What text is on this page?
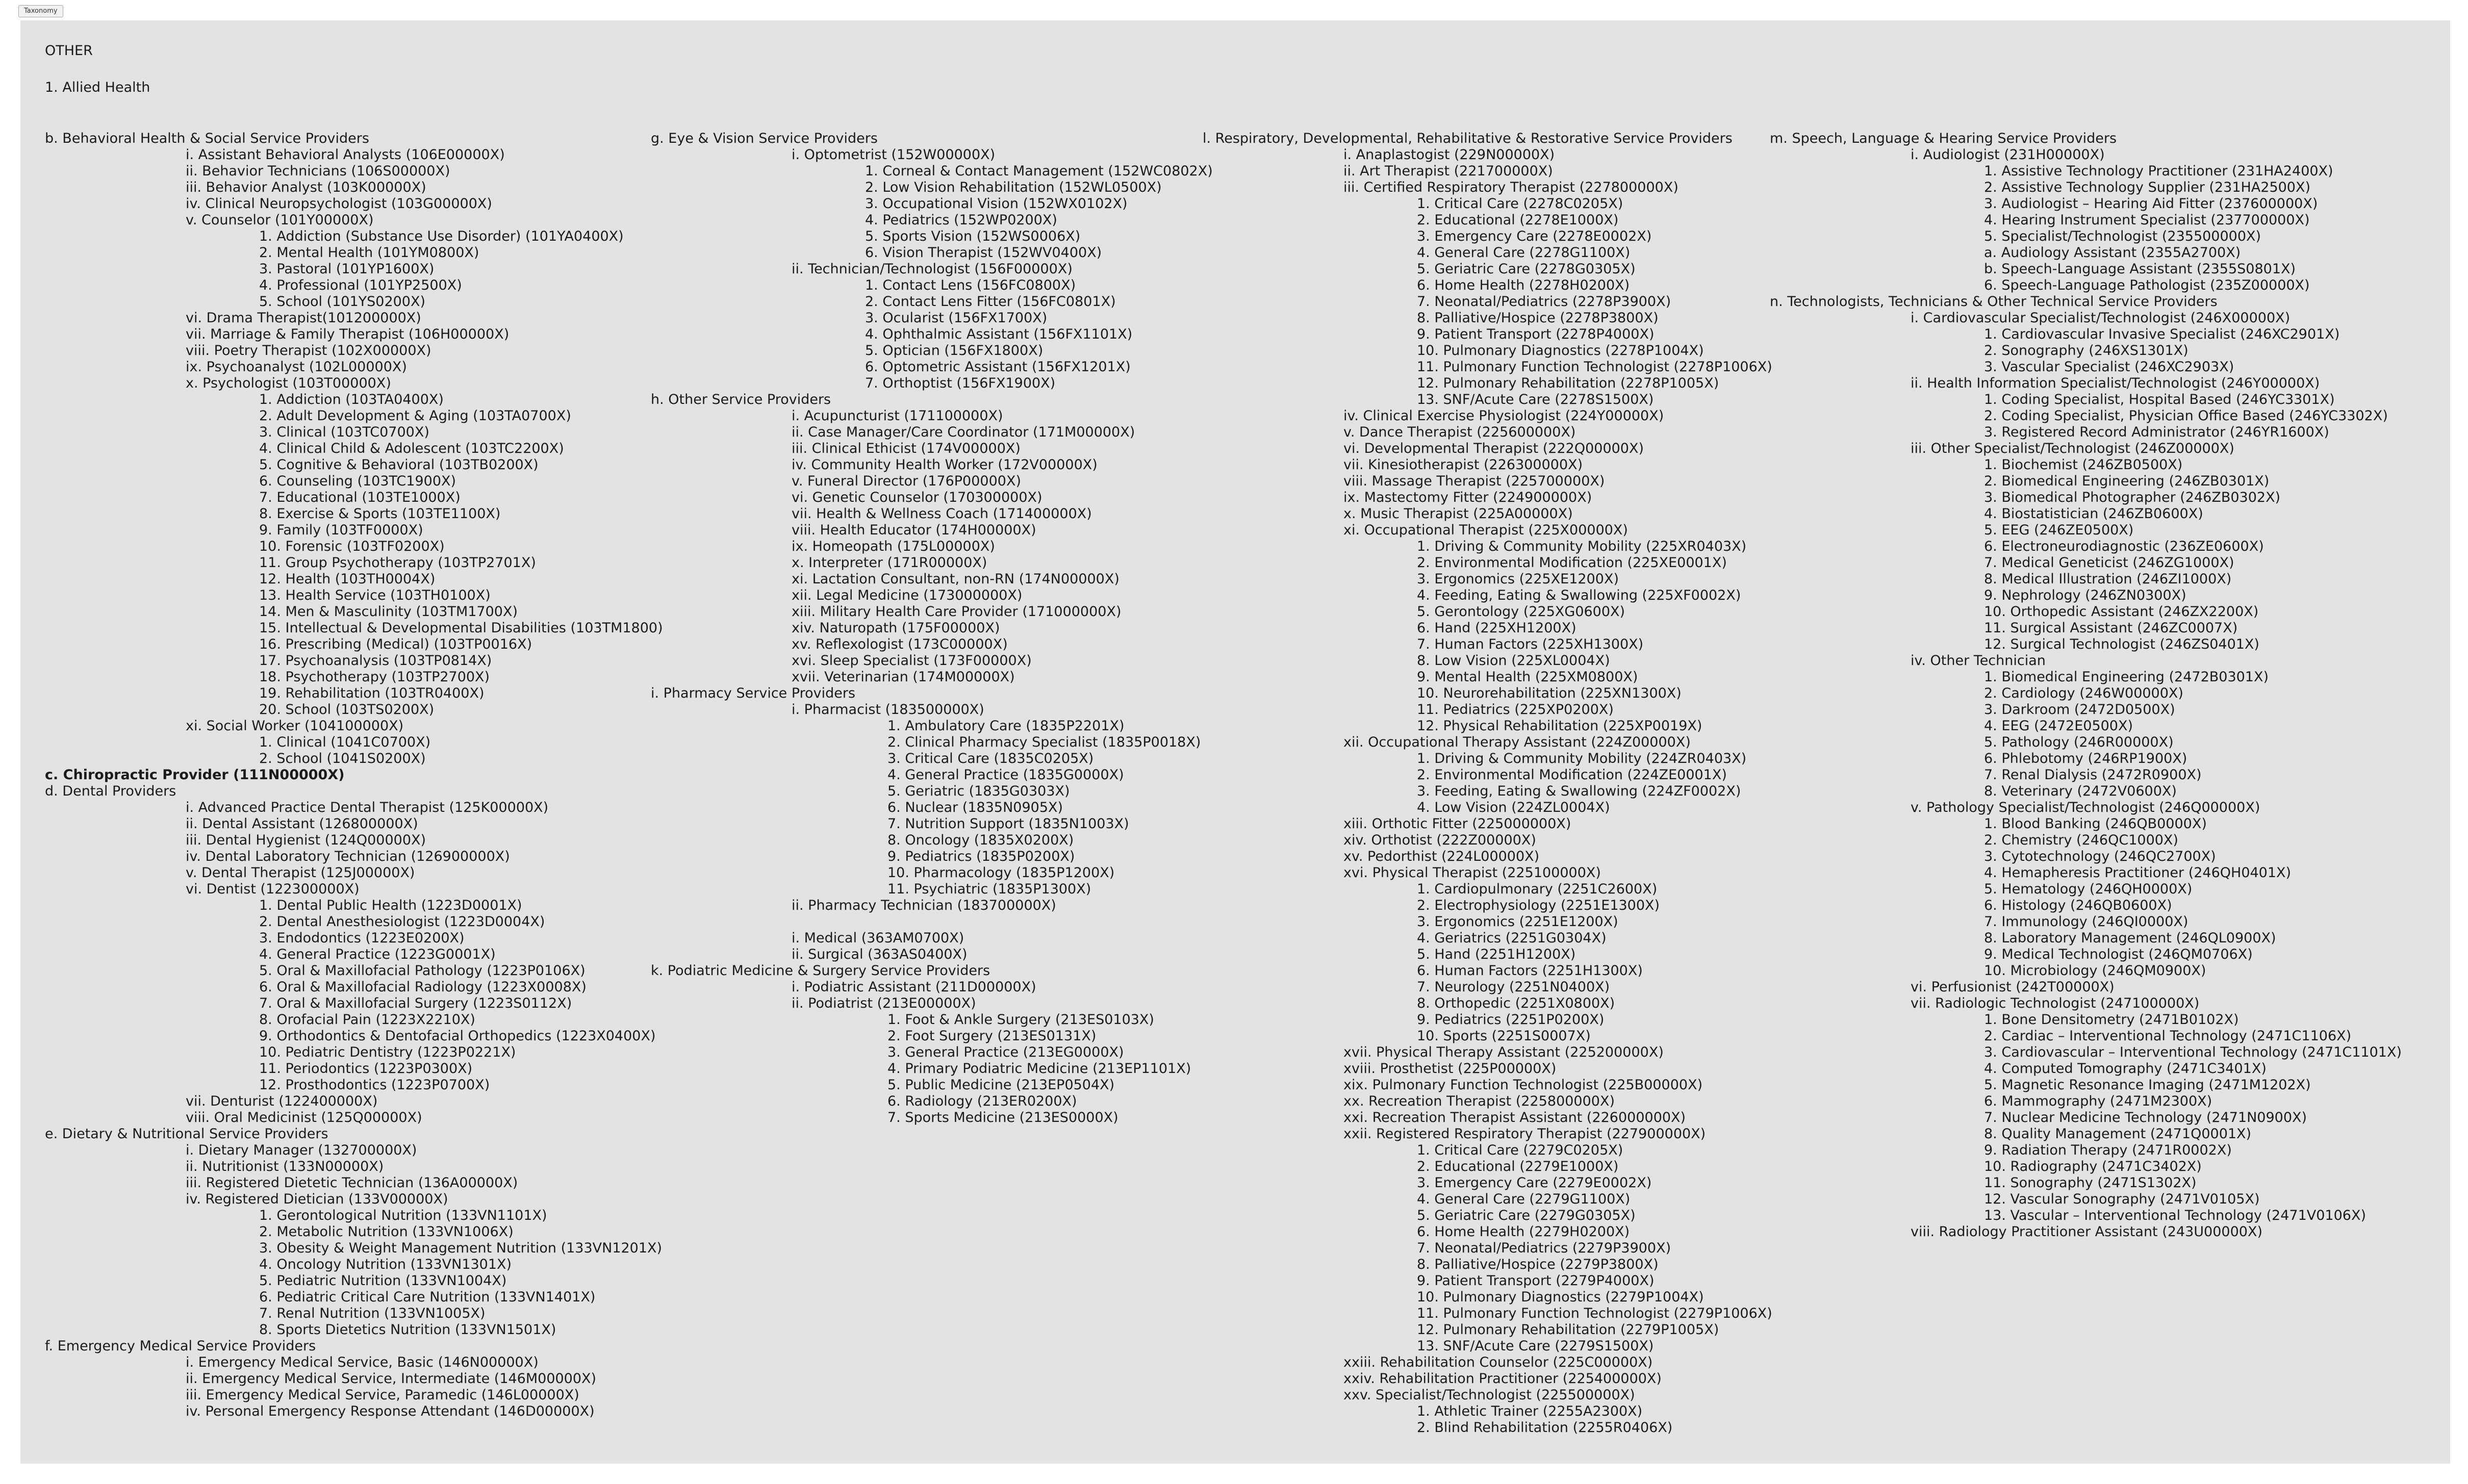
Taxonomy
OTHER
1. Allied Health
b. Behavioral Health & Social Service Providers
i. Assistant Behavioral Analysts (106E00000X)
ii. Behavior Technicians (106S00000X)
iii. Behavior Analyst (103K00000X)
iv. Clinical Neuropsychologist (103G00000X)
v. Counselor (101Y00000X)
1. Addiction (Substance Use Disorder) (101YA0400X)
2. Mental Health (101YM0800X)
3. Pastoral (101YP1600X)
4. Professional (101YP2500X)
5. School (101YS0200X)
vi. Drama Therapist(101200000X)
vii. Marriage & Family Therapist (106H00000X)
viii. Poetry Therapist (102X00000X)
ix. Psychoanalyst (102L00000X)
x. Psychologist (103T00000X)
1. Addiction (103TA0400X)
2. Adult Development & Aging (103TA0700X)
3. Clinical (103TC0700X)
4. Clinical Child & Adolescent (103TC2200X)
5. Cognitive & Behavioral (103TB0200X)
6. Counseling (103TC1900X)
7. Educational (103TE1000X)
8. Exercise & Sports (103TE1100X)
9. Family (103TF0000X)
10. Forensic (103TF0200X)
11. Group Psychotherapy (103TP2701X)
12. Health (103TH0004X)
13. Health Service (103TH0100X)
14. Men & Masculinity (103TM1700X)
15. Intellectual & Developmental Disabilities (103TM1800)
16. Prescribing (Medical) (103TP0016X)
17. Psychoanalysis (103TP0814X)
18. Psychotherapy (103TP2700X)
19. Rehabilitation (103TR0400X)
20. School (103TS0200X)
xi. Social Worker (104100000X)
1. Clinical (1041C0700X)
2. School (1041S0200X)
c. Chiropractic Provider (111N00000X)
d. Dental Providers
i. Advanced Practice Dental Therapist (125K00000X)
ii. Dental Assistant (126800000X)
iii. Dental Hygienist (124Q00000X)
iv. Dental Laboratory Technician (126900000X)
v. Dental Therapist (125J00000X)
vi. Dentist (122300000X)
1. Dental Public Health (1223D0001X)
2. Dental Anesthesiologist (1223D0004X)
3. Endodontics (1223E0200X)
4. General Practice (1223G0001X)
5. Oral & Maxillofacial Pathology (1223P0106X)
6. Oral & Maxillofacial Radiology (1223X0008X)
7. Oral & Maxillofacial Surgery (1223S0112X)
8. Orofacial Pain (1223X2210X)
9. Orthodontics & Dentofacial Orthopedics (1223X0400X)
10. Pediatric Dentistry (1223P0221X)
11. Periodontics (1223P0300X)
12. Prosthodontics (1223P0700X)
vii. Denturist (122400000X)
viii. Oral Medicinist (125Q00000X)
e. Dietary & Nutritional Service Providers
i. Dietary Manager (132700000X)
ii. Nutritionist (133N00000X)
iii. Registered Dietetic Technician (136A00000X)
iv. Registered Dietician (133V00000X)
1. Gerontological Nutrition (133VN1101X)
2. Metabolic Nutrition (133VN1006X)
3. Obesity & Weight Management Nutrition (133VN1201X)
4. Oncology Nutrition (133VN1301X)
5. Pediatric Nutrition (133VN1004X)
6. Pediatric Critical Care Nutrition (133VN1401X)
7. Renal Nutrition (133VN1005X)
8. Sports Dietetics Nutrition (133VN1501X)
f. Emergency Medical Service Providers
i. Emergency Medical Service, Basic (146N00000X)
ii. Emergency Medical Service, Intermediate (146M00000X)
iii. Emergency Medical Service, Paramedic (146L00000X)
iv. Personal Emergency Response Attendant (146D00000X)
g. Eye & Vision Service Providers
i. Optometrist (152W00000X)
1. Corneal & Contact Management (152WC0802X)
2. Low Vision Rehabilitation (152WL0500X)
3. Occupational Vision (152WX0102X)
4. Pediatrics (152WP0200X)
5. Sports Vision (152WS0006X)
6. Vision Therapist (152WV0400X)
ii. Technician/Technologist (156F00000X)
1. Contact Lens (156FC0800X)
2. Contact Lens Fitter (156FC0801X)
3. Ocularist (156FX1700X)
4. Ophthalmic Assistant (156FX1101X)
5. Optician (156FX1800X)
6. Optometric Assistant (156FX1201X)
7. Orthoptist (156FX1900X)
h. Other Service Providers
i. Acupuncturist (171100000X)
ii. Case Manager/Care Coordinator (171M00000X)
iii. Clinical Ethicist (174V00000X)
iv. Community Health Worker (172V00000X)
v. Funeral Director (176P00000X)
vi. Genetic Counselor (170300000X)
vii. Health & Wellness Coach (171400000X)
viii. Health Educator (174H00000X)
ix. Homeopath (175L00000X)
x. Interpreter (171R00000X)
xi. Lactation Consultant, non-RN (174N00000X)
xii. Legal Medicine (173000000X)
xiii. Military Health Care Provider (171000000X)
xiv. Naturopath (175F00000X)
xv. Reflexologist (173C00000X)
xvi. Sleep Specialist (173F00000X)
xvii. Veterinarian (174M00000X)
i. Pharmacy Service Providers
i. Pharmacist (183500000X)
1. Ambulatory Care (1835P2201X)
2. Clinical Pharmacy Specialist (1835P0018X)
3. Critical Care (1835C0205X)
4. General Practice (1835G0000X)
5. Geriatric (1835G0303X)
6. Nuclear (1835N0905X)
7. Nutrition Support (1835N1003X)
8. Oncology (1835X0200X)
9. Pediatrics (1835P0200X)
10. Pharmacology (1835P1200X)
11. Psychiatric (1835P1300X)
ii. Pharmacy Technician (183700000X)
i. Medical (363AM0700X)
ii. Surgical (363AS0400X)
k. Podiatric Medicine & Surgery Service Providers
i. Podiatric Assistant (211D00000X)
ii. Podiatrist (213E00000X)
1. Foot & Ankle Surgery (213ES0103X)
2. Foot Surgery (213ES0131X)
3. General Practice (213EG0000X)
4. Primary Podiatric Medicine (213EP1101X)
5. Public Medicine (213EP0504X)
6. Radiology (213ER0200X)
7. Sports Medicine (213ES0000X)
l. Respiratory, Developmental, Rehabilitative & Restorative Service Providers
i. Anaplastogist (229N00000X)
ii. Art Therapist (221700000X)
iii. Certified Respiratory Therapist (227800000X)
1. Critical Care (2278C0205X)
2. Educational (2278E1000X)
3. Emergency Care (2278E0002X)
4. General Care (2278G1100X)
5. Geriatric Care (2278G0305X)
6. Home Health (2278H0200X)
7. Neonatal/Pediatrics (2278P3900X)
8. Palliative/Hospice (2278P3800X)
9. Patient Transport (2278P4000X)
10. Pulmonary Diagnostics (2278P1004X)
11. Pulmonary Function Technologist (2278P1006X)
12. Pulmonary Rehabilitation (2278P1005X)
13. SNF/Acute Care (2278S1500X)
iv. Clinical Exercise Physiologist (224Y00000X)
v. Dance Therapist (225600000X)
vi. Developmental Therapist (222Q00000X)
vii. Kinesiotherapist (226300000X)
viii. Massage Therapist (225700000X)
ix. Mastectomy Fitter (224900000X)
x. Music Therapist (225A00000X)
xi. Occupational Therapist (225X00000X)
1. Driving & Community Mobility (225XR0403X)
2. Environmental Modification (225XE0001X)
3. Ergonomics (225XE1200X)
4. Feeding, Eating & Swallowing (225XF0002X)
5. Gerontology (225XG0600X)
6. Hand (225XH1200X)
7. Human Factors (225XH1300X)
8. Low Vision (225XL0004X)
9. Mental Health (225XM0800X)
10. Neurorehabilitation (225XN1300X)
11. Pediatrics (225XP0200X)
12. Physical Rehabilitation (225XP0019X)
xii. Occupational Therapy Assistant (224Z00000X)
1. Driving & Community Mobility (224ZR0403X)
2. Environmental Modification (224ZE0001X)
3. Feeding, Eating & Swallowing (224ZF0002X)
4. Low Vision (224ZL0004X)
xiii. Orthotic Fitter (225000000X)
xiv. Orthotist (222Z00000X)
xv. Pedorthist (224L00000X)
xvi. Physical Therapist (225100000X)
1. Cardiopulmonary (2251C2600X)
2. Electrophysiology (2251E1300X)
3. Ergonomics (2251E1200X)
4. Geriatrics (2251G0304X)
5. Hand (2251H1200X)
6. Human Factors (2251H1300X)
7. Neurology (2251N0400X)
8. Orthopedic (2251X0800X)
9. Pediatrics (2251P0200X)
10. Sports (2251S0007X)
xvii. Physical Therapy Assistant (225200000X)
xviii. Prosthetist (225P00000X)
xix. Pulmonary Function Technologist (225B00000X)
xx. Recreation Therapist (225800000X)
xxi. Recreation Therapist Assistant (226000000X)
xxii. Registered Respiratory Therapist (227900000X)
1. Critical Care (2279C0205X)
2. Educational (2279E1000X)
3. Emergency Care (2279E0002X)
4. General Care (2279G1100X)
5. Geriatric Care (2279G0305X)
6. Home Health (2279H0200X)
7. Neonatal/Pediatrics (2279P3900X)
8. Palliative/Hospice (2279P3800X)
9. Patient Transport (2279P4000X)
10. Pulmonary Diagnostics (2279P1004X)
11. Pulmonary Function Technologist (2279P1006X)
12. Pulmonary Rehabilitation (2279P1005X)
13. SNF/Acute Care (2279S1500X)
xxiii. Rehabilitation Counselor (225C00000X)
xxiv. Rehabilitation Practitioner (225400000X)
xxv. Specialist/Technologist (225500000X)
1. Athletic Trainer (2255A2300X)
2. Blind Rehabilitation (2255R0406X)
m. Speech, Language & Hearing Service Providers
i. Audiologist (231H00000X)
1. Assistive Technology Practitioner (231HA2400X)
2. Assistive Technology Supplier (231HA2500X)
3. Audiologist – Hearing Aid Fitter (237600000X)
4. Hearing Instrument Specialist (237700000X)
5. Specialist/Technologist (235500000X)
a. Audiology Assistant (2355A2700X)
b. Speech-Language Assistant (2355S0801X)
6. Speech-Language Pathologist (235Z00000X)
n. Technologists, Technicians & Other Technical Service Providers
i. Cardiovascular Specialist/Technologist (246X00000X)
1. Cardiovascular Invasive Specialist (246XC2901X)
2. Sonography (246XS1301X)
3. Vascular Specialist (246XC2903X)
ii. Health Information Specialist/Technologist (246Y00000X)
1. Coding Specialist, Hospital Based (246YC3301X)
2. Coding Specialist, Physician Office Based (246YC3302X)
3. Registered Record Administrator (246YR1600X)
iii. Other Specialist/Technologist (246Z00000X)
1. Biochemist (246ZB0500X)
2. Biomedical Engineering (246ZB0301X)
3. Biomedical Photographer (246ZB0302X)
4. Biostatistician (246ZB0600X)
5. EEG (246ZE0500X)
6. Electroneurodiagnostic (236ZE0600X)
7. Medical Geneticist (246ZG1000X)
8. Medical Illustration (246ZI1000X)
9. Nephrology (246ZN0300X)
10. Orthopedic Assistant (246ZX2200X)
11. Surgical Assistant (246ZC0007X)
12. Surgical Technologist (246ZS0401X)
iv. Other Technician
1. Biomedical Engineering (2472B0301X)
2. Cardiology (246W00000X)
3. Darkroom (2472D0500X)
4. EEG (2472E0500X)
5. Pathology (246R00000X)
6. Phlebotomy (246RP1900X)
7. Renal Dialysis (2472R0900X)
8. Veterinary (2472V0600X)
v. Pathology Specialist/Technologist (246Q00000X)
1. Blood Banking (246QB0000X)
2. Chemistry (246QC1000X)
3. Cytotechnology (246QC2700X)
4. Hemapheresis Practitioner (246QH0401X)
5. Hematology (246QH0000X)
6. Histology (246QB0600X)
7. Immunology (246QI0000X)
8. Laboratory Management (246QL0900X)
9. Medical Technologist (246QM0706X)
10. Microbiology (246QM0900X)
vi. Perfusionist (242T00000X)
vii. Radiologic Technologist (247100000X)
1. Bone Densitometry (2471B0102X)
2. Cardiac – Interventional Technology (2471C1106X)
3. Cardiovascular – Interventional Technology (2471C1101X)
4. Computed Tomography (2471C3401X)
5. Magnetic Resonance Imaging (2471M1202X)
6. Mammography (2471M2300X)
7. Nuclear Medicine Technology (2471N0900X)
8. Quality Management (2471Q0001X)
9. Radiation Therapy (2471R0002X)
10. Radiography (2471C3402X)
11. Sonography (2471S1302X)
12. Vascular Sonography (2471V0105X)
13. Vascular – Interventional Technology (2471V0106X)
viii. Radiology Practitioner Assistant (243U00000X)
